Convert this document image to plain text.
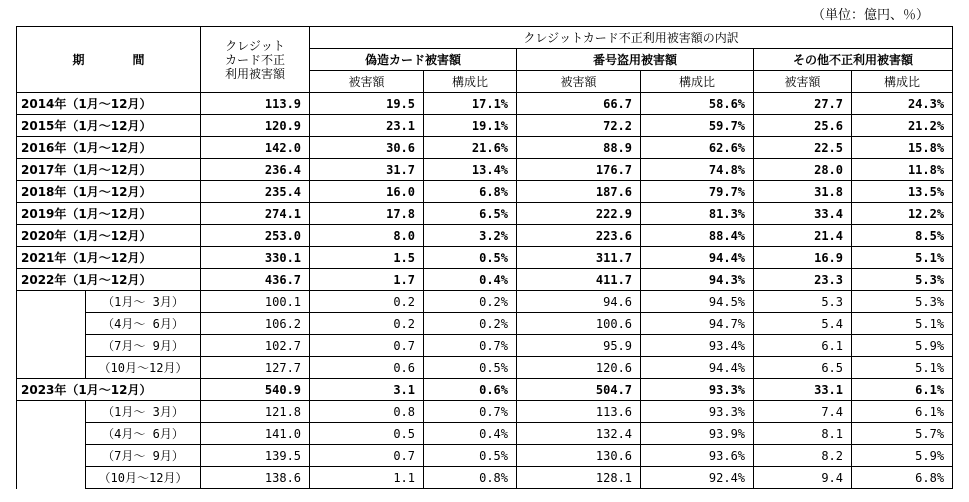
（単位：億円、％）
期　間		クレジット
カード不正
利用被害額	クレジットカード不正利用被害額の内訳					
			偽造カード被害額		番号盗用被害額		その他不正利用被害額	
			被害額	構成比	被害額	構成比	被害額	構成比
2014年（1月～12月）		113.9	19.5	17.1%	66.7	58.6%	27.7	24.3%
2015年（1月～12月）		120.9	23.1	19.1%	72.2	59.7%	25.6	21.2%
2016年（1月～12月）		142.0	30.6	21.6%	88.9	62.6%	22.5	15.8%
2017年（1月～12月）		236.4	31.7	13.4%	176.7	74.8%	28.0	11.8%
2018年（1月～12月）		235.4	16.0	6.8%	187.6	79.7%	31.8	13.5%
2019年（1月～12月）		274.1	17.8	6.5%	222.9	81.3%	33.4	12.2%
2020年（1月～12月）		253.0	8.0	3.2%	223.6	88.4%	21.4	8.5%
2021年（1月～12月）		330.1	1.5	0.5%	311.7	94.4%	16.9	5.1%
2022年（1月～12月）		436.7	1.7	0.4%	411.7	94.3%	23.3	5.3%
	（1月～ 3月）	100.1	0.2	0.2%	94.6	94.5%	5.3	5.3%
	（4月～ 6月）	106.2	0.2	0.2%	100.6	94.7%	5.4	5.1%
	（7月～ 9月）	102.7	0.7	0.7%	95.9	93.4%	6.1	5.9%
	（10月～12月）	127.7	0.6	0.5%	120.6	94.4%	6.5	5.1%
2023年（1月～12月）		540.9	3.1	0.6%	504.7	93.3%	33.1	6.1%
	（1月～ 3月）	121.8	0.8	0.7%	113.6	93.3%	7.4	6.1%
	（4月～ 6月）	141.0	0.5	0.4%	132.4	93.9%	8.1	5.7%
	（7月～ 9月）	139.5	0.7	0.5%	130.6	93.6%	8.2	5.9%
	（10月～12月）	138.6	1.1	0.8%	128.1	92.4%	9.4	6.8%
